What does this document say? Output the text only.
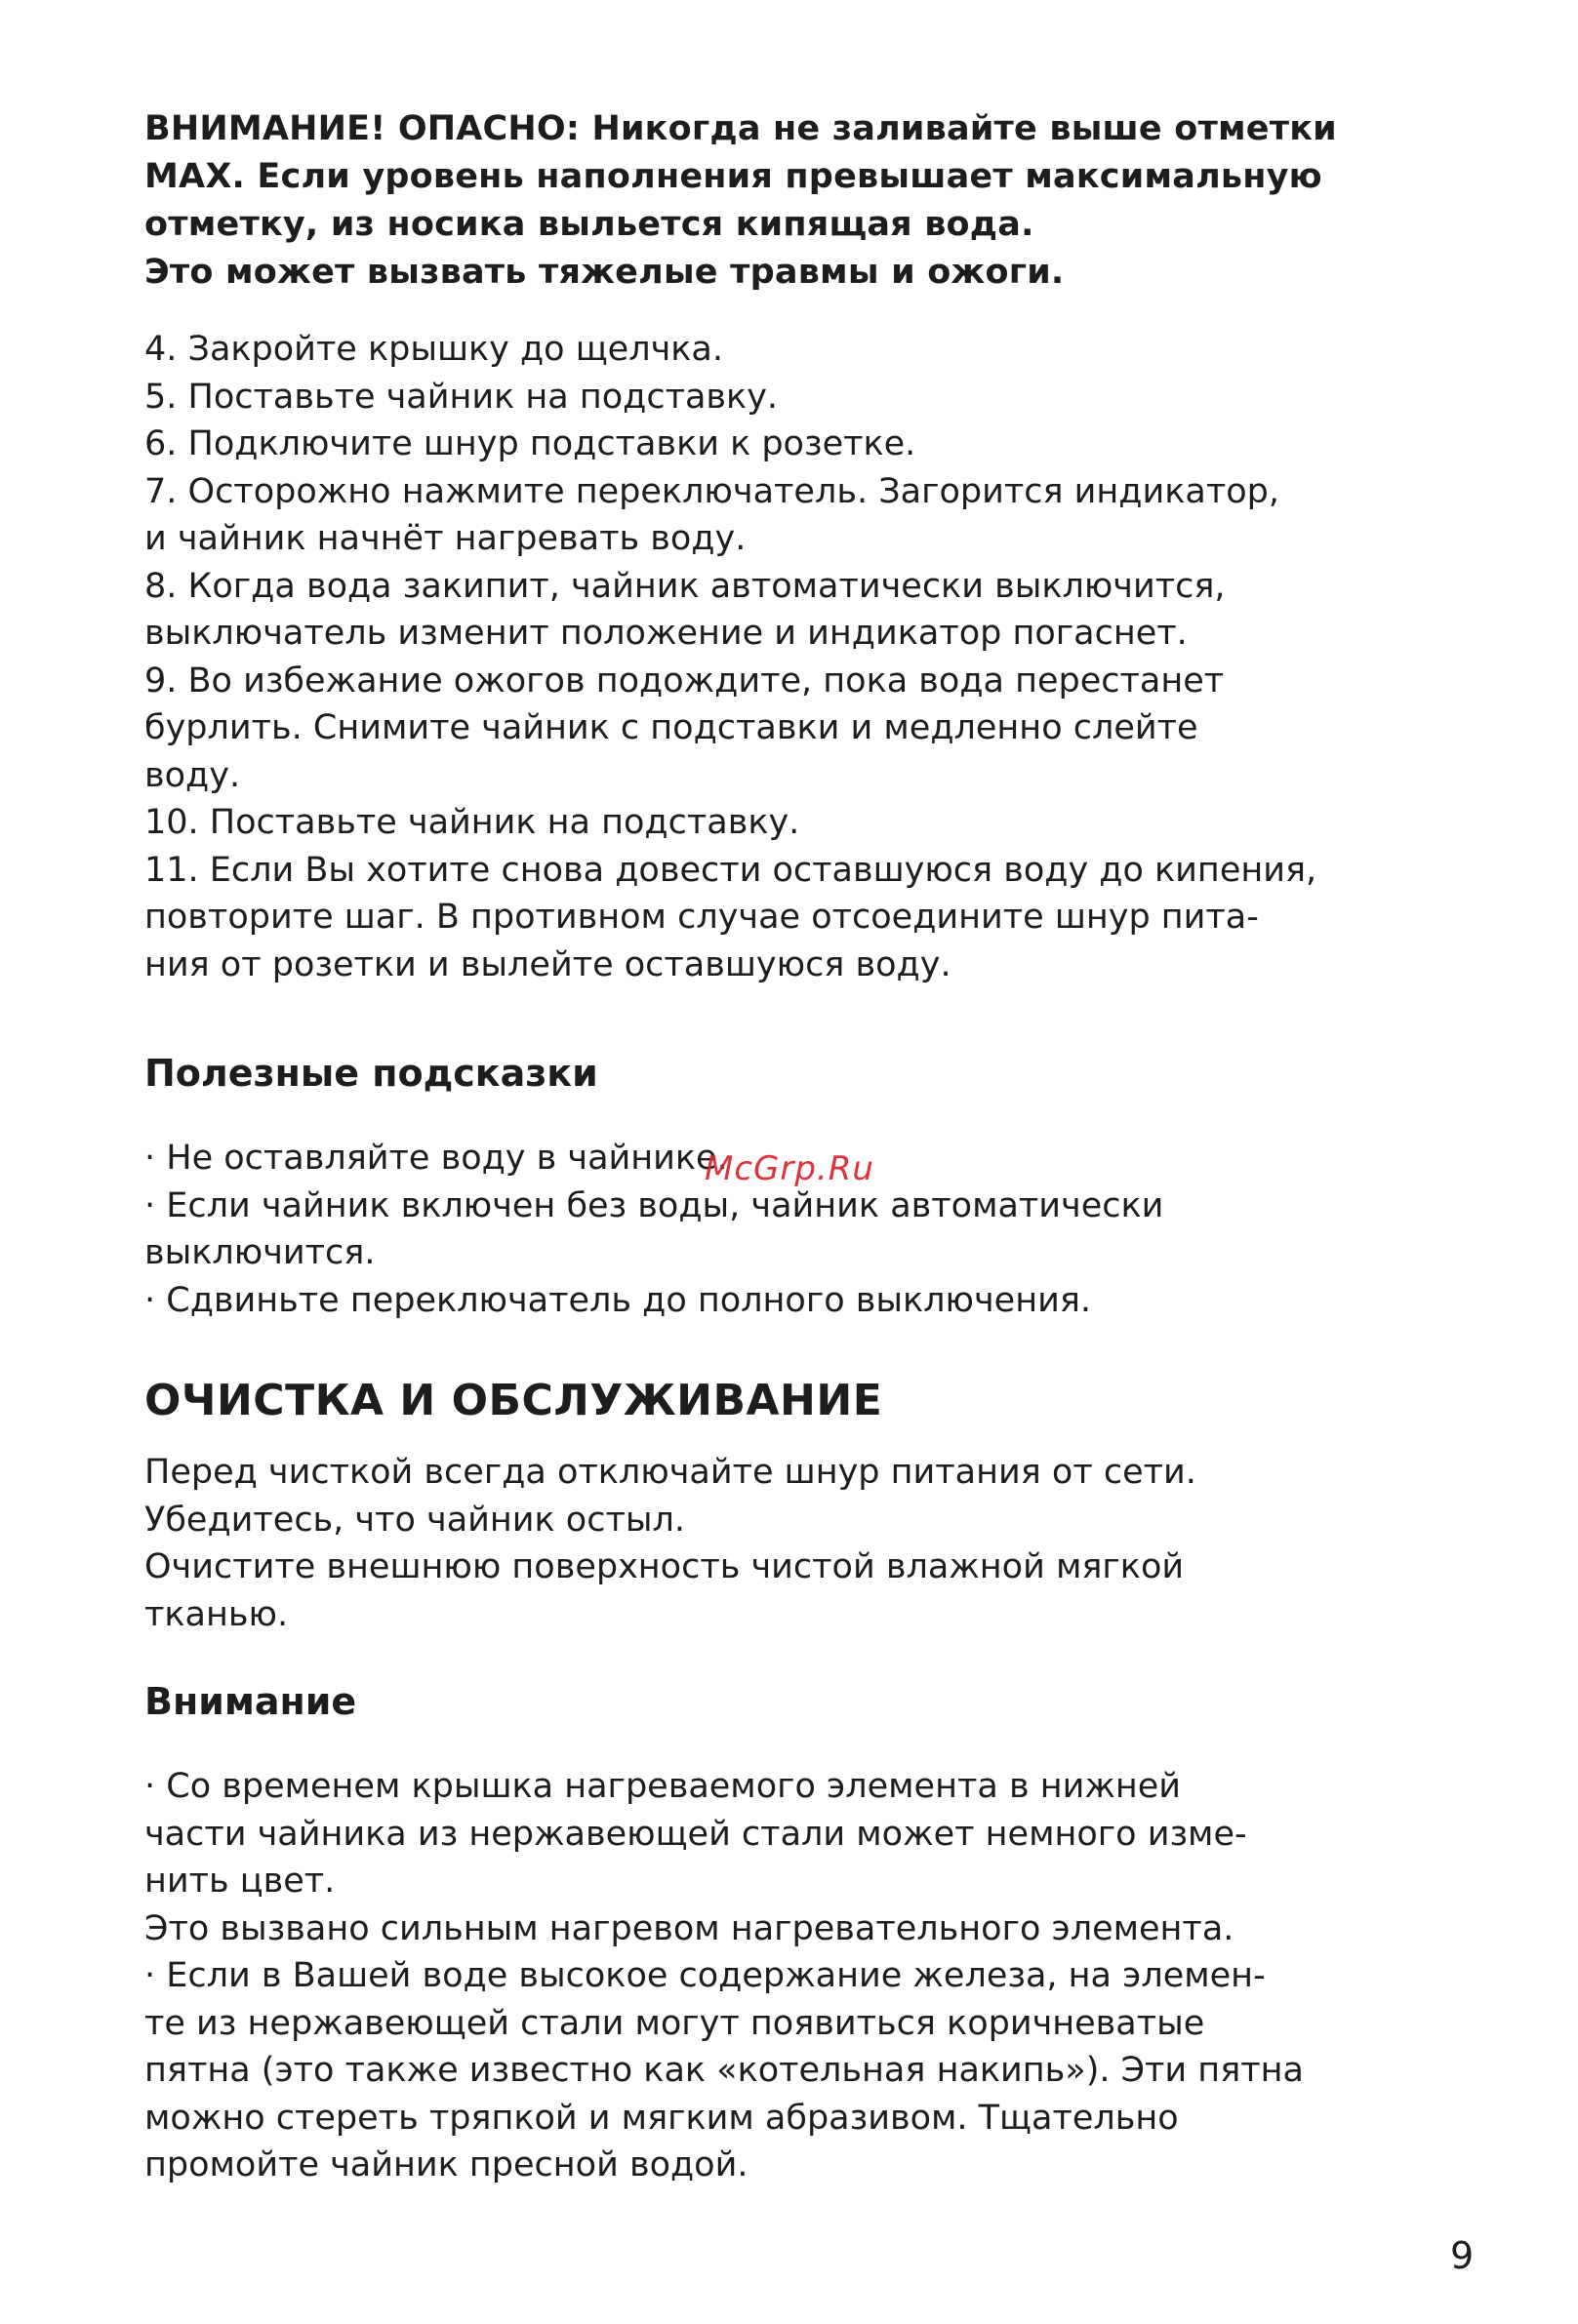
ВНИМАНИЕ! ОПАСНО: Никогда не заливайте выше отметки
MAX. Если уровень наполнения превышает максимальную
отметку, из носика выльется кипящая вода.
Это может вызвать тяжелые травмы и ожоги.
4. Закройте крышку до щелчка.
5. Поставьте чайник на подставку.
6. Подключите шнур подставки к розетке.
7. Осторожно нажмите переключатель. Загорится индикатор,
и чайник начнёт нагревать воду.
8. Когда вода закипит, чайник автоматически выключится,
выключатель изменит положение и индикатор погаснет.
9. Во избежание ожогов подождите, пока вода перестанет
бурлить. Снимите чайник с подставки и медленно слейте
воду.
10. Поставьте чайник на подставку.
11. Если Вы хотите снова довести оставшуюся воду до кипения,
повторите шаг. В противном случае отсоедините шнур пита-
ния от розетки и вылейте оставшуюся воду.
Полезные подсказки
· Не оставляйте воду в чайнике.
· Если чайник включен без воды, чайник автоматически
выключится.
· Сдвиньте переключатель до полного выключения.
ОЧИСТКА И ОБСЛУЖИВАНИЕ
Перед чисткой всегда отключайте шнур питания от сети.
Убедитесь, что чайник остыл.
Очистите внешнюю поверхность чистой влажной мягкой
тканью.
Внимание
· Со временем крышка нагреваемого элемента в нижней
части чайника из нержавеющей стали может немного изме-
нить цвет.
Это вызвано сильным нагревом нагревательного элемента.
· Если в Вашей воде высокое содержание железа, на элемен-
те из нержавеющей стали могут появиться коричневатые
пятна (это также известно как «котельная накипь»). Эти пятна
можно стереть тряпкой и мягким абразивом. Тщательно
промойте чайник пресной водой.
McGrp.Ru
9
